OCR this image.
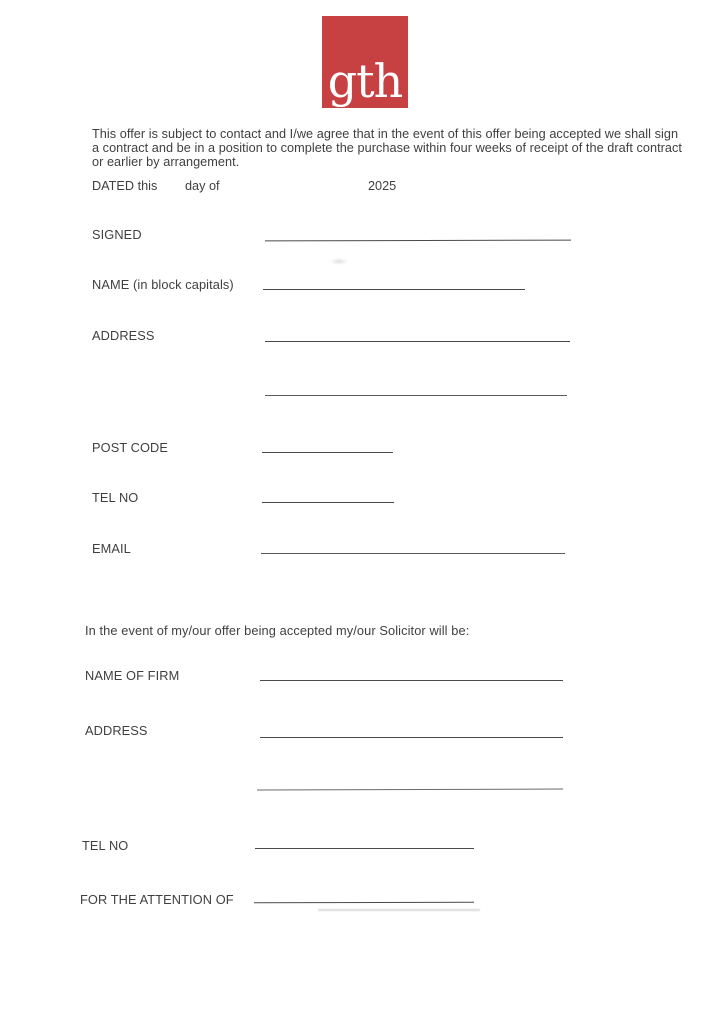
gth
This offer is subject to contact and I/we agree that in the event of this offer being accepted we shall sign
a contract and be in a position to complete the purchase within four weeks of receipt of the draft contract
or earlier by arrangement.
DATED this day of	2025
SIGNED
NAME (in block capitals)
ADDRESS
POST CODE
TEL NO
EMAIL
In the event of my/our offer being accepted my/our Solicitor will be:
NAME OF FIRM
ADDRESS
TEL NO
FOR THE ATTENTION OF
